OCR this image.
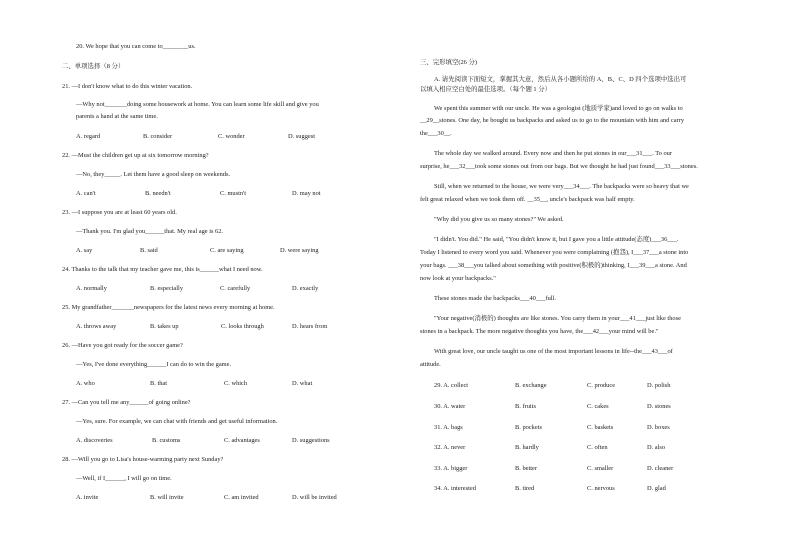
20. We hope that you can come to________us.
二、单项选择（8 分）
21. —I don't know what to do this winter vacation.
—Why not_______doing some housework at home. You can learn some life skill and give you
parents a hand at the same time.
A. regard	B. consider	C. wonder	D. suggest
22. —Must the children get up at six tomorrow morning?
—No, they_____. Let them have a good sleep on weekends.
A. can't	B. needn't	C. mustn't	D. may not
23. —I suppose you are at least 60 years old.
—Thank you. I'm glad you______that. My real age is 62.
A. say	B. said	C. are saying	D. were saying
24. Thanks to the talk that my teacher gave me, this is______what I need now.
A. normally	B. especially	C. carefully	D. exactly
25. My grandfather_______newspapers for the latest news every morning at home.
A. throws away	B. takes up	C. looks through	D. hears from
26. —Have you got ready for the soccer game?
—Yes, I've done everything______I can do to win the game.
A. who	B. that	C. which	D. what
27. —Can you tell me any______of going online?
—Yes, sure. For example, we can chat with friends and get useful information.
A. discoveries	B. customs	C. advantages	D. suggestions
28. —Will you go to Lisa's house-warming party next Sunday?
—Well, if I______, I will go on time.
A. invite	B. will invite	C. am invited	D. will be invited
三、完形填空(26 分)
A. 请先阅读下面短文，掌握其大意，然后从各小题所给的 A、B、C、D 四个选项中选出可
以填入相应空白处的最佳选项。（每个题 1 分）
We spent this summer with our uncle. He was a geologist (地质学家)and loved to go on walks to
__29__stones. One day, he bought us backpacks and asked us to go to the mountain with him and carry
the___30__.
The whole day we walked around. Every now and then he put stones in our___31___. To our
surprise, he___32___took some stones out from our bags. But we thought he had just found___33___stones.
Still, when we returned to the house, we were very___34___. The backpacks were so heavy that we
felt great relaxed when we took them off. __35__, uncle's backpack was half empty.
"Why did you give us so many stones?" We asked.
"I didn't. You did." He said, "You didn't know it, but I gave you a little attitude(态度)___36___.
Today I listened to every word you said. Whenever you were complaining (抱怨), I___37___a stone into
your bags. ___38___you talked about something with positive(积极的)thinking, I___39___a stone. And
now look at your backpacks."
These stones made the backpacks___40___full.
"Your negative(消极的) thoughts are like stones. You carry them in your___41___just like those
stones in a backpack. The more negative thoughts you have, the___42___your mind will be."
With great love, our uncle taught us one of the most important lessons in life--the___43___of
attitude.
29. A. collect	B. exchange	C. produce	D. polish
30. A. water	B. fruits	C. cakes	D. stones
31. A. bags	B. pockets	C. baskets	D. boxes
32. A. never	B. hardly	C. often	D. also
33. A. bigger	B. better	C. smaller	D. cleaner
34. A. interested	B. tired	C. nervous	D. glad
